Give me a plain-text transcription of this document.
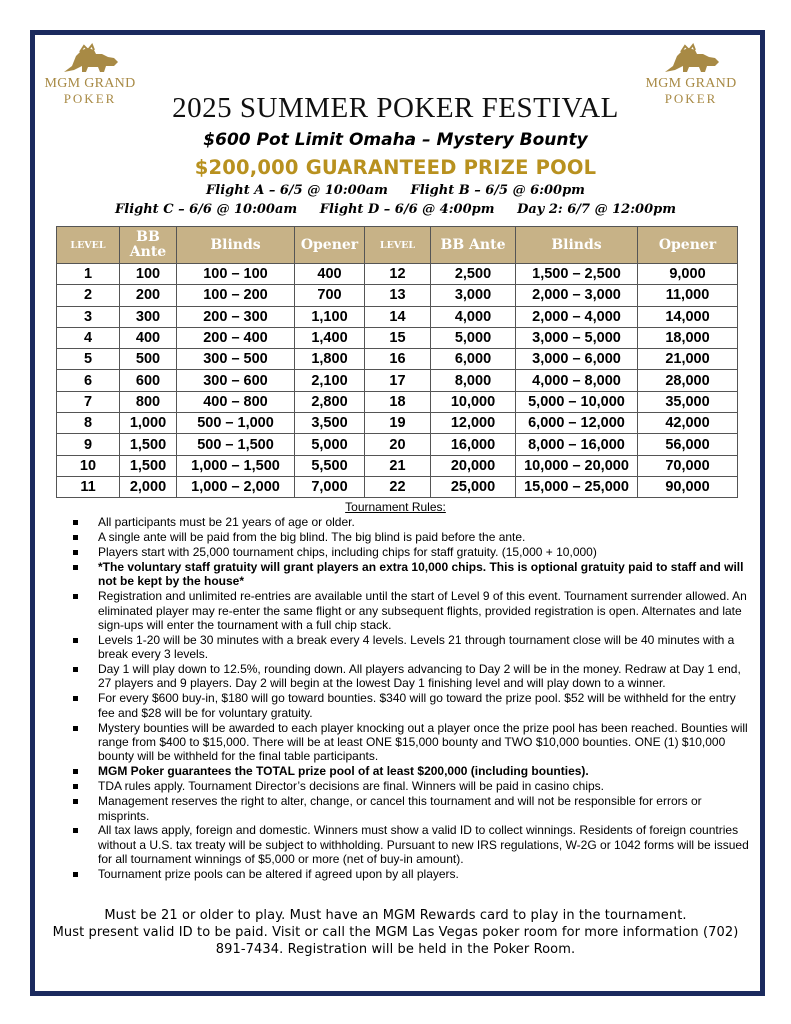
MGM GRAND
POKER
MGM GRAND
POKER
2025 SUMMER POKER FESTIVAL
$600 Pot Limit Omaha – Mystery Bounty
$200,000 GUARANTEED PRIZE POOL
Flight A – 6/5 @ 10:00am     Flight B – 6/5 @ 6:00pm
Flight C – 6/6 @ 10:00am     Flight D – 6/6 @ 4:00pm     Day 2: 6/7 @ 12:00pm
LEVEL	BB Ante	Blinds	Opener	LEVEL	BB Ante	Blinds	Opener
1	100	100 – 100	400	12	2,500	1,500 – 2,500	9,000
2	200	100 – 200	700	13	3,000	2,000 – 3,000	11,000
3	300	200 – 300	1,100	14	4,000	2,000 – 4,000	14,000
4	400	200 – 400	1,400	15	5,000	3,000 – 5,000	18,000
5	500	300 – 500	1,800	16	6,000	3,000 – 6,000	21,000
6	600	300 – 600	2,100	17	8,000	4,000 – 8,000	28,000
7	800	400 – 800	2,800	18	10,000	5,000 – 10,000	35,000
8	1,000	500 – 1,000	3,500	19	12,000	6,000 – 12,000	42,000
9	1,500	500 – 1,500	5,000	20	16,000	8,000 – 16,000	56,000
10	1,500	1,000 – 1,500	5,500	21	20,000	10,000 – 20,000	70,000
11	2,000	1,000 – 2,000	7,000	22	25,000	15,000 – 25,000	90,000
Tournament Rules:
All participants must be 21 years of age or older.
A single ante will be paid from the big blind. The big blind is paid before the ante.
Players start with 25,000 tournament chips, including chips for staff gratuity. (15,000 + 10,000)
*The voluntary staff gratuity will grant players an extra 10,000 chips. This is optional gratuity paid to staff and will not be kept by the house*
Registration and unlimited re-entries are available until the start of Level 9 of this event. Tournament surrender allowed. An eliminated player may re-enter the same flight or any subsequent flights, provided registration is open. Alternates and late sign-ups will enter the tournament with a full chip stack.
Levels 1-20 will be 30 minutes with a break every 4 levels. Levels 21 through tournament close will be 40 minutes with a break every 3 levels.
Day 1 will play down to 12.5%, rounding down. All players advancing to Day 2 will be in the money. Redraw at Day 1 end, 27 players and 9 players. Day 2 will begin at the lowest Day 1 finishing level and will play down to a winner.
For every $600 buy-in, $180 will go toward bounties. $340 will go toward the prize pool. $52 will be withheld for the entry fee and $28 will be for voluntary gratuity.
Mystery bounties will be awarded to each player knocking out a player once the prize pool has been reached. Bounties will range from $400 to $15,000. There will be at least ONE $15,000 bounty and TWO $10,000 bounties. ONE (1) $10,000 bounty will be withheld for the final table participants.
MGM Poker guarantees the TOTAL prize pool of at least $200,000 (including bounties).
TDA rules apply. Tournament Director’s decisions are final. Winners will be paid in casino chips.
Management reserves the right to alter, change, or cancel this tournament and will not be responsible for errors or misprints.
All tax laws apply, foreign and domestic. Winners must show a valid ID to collect winnings. Residents of foreign countries without a U.S. tax treaty will be subject to withholding. Pursuant to new IRS regulations, W-2G or 1042 forms will be issued for all tournament winnings of $5,000 or more (net of buy-in amount).
Tournament prize pools can be altered if agreed upon by all players.
Must be 21 or older to play. Must have an MGM Rewards card to play in the tournament.
Must present valid ID to be paid. Visit or call the MGM Las Vegas poker room for more information (702) 891-7434. Registration will be held in the Poker Room.
